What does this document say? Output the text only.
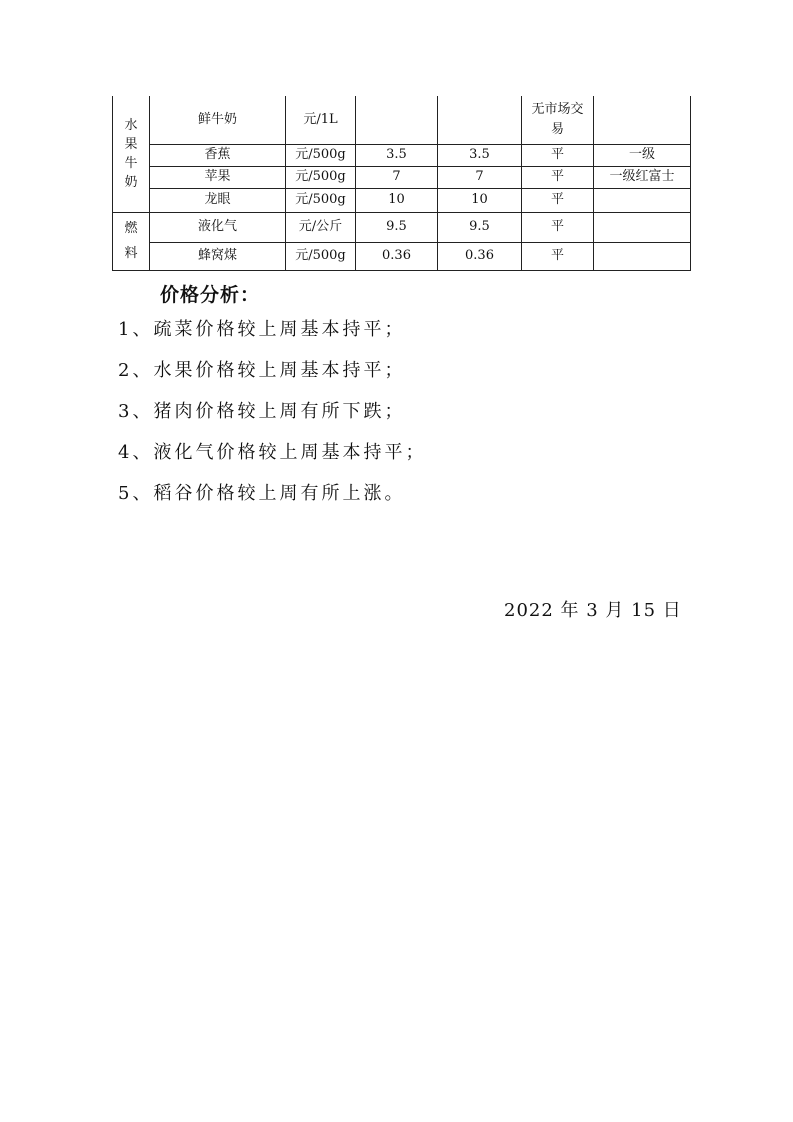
水
果
牛
奶	鲜牛奶	元/1L			无市场交易	

	香蕉	元/500g	3.5	3.5	平	一级
	苹果	元/500g	7	7	平	一级红富士
	龙眼	元/500g	10	10	平	

燃
料	液化气	元/公斤	9.5	9.5	平	
	蜂窝煤	元/500g	0.36	0.36	平	
价格分析：
1、疏菜价格较上周基本持平；
2、水果价格较上周基本持平；
3、猪肉价格较上周有所下跌；
4、液化气价格较上周基本持平；
5、稻谷价格较上周有所上涨。
2022 年 3 月 15 日
